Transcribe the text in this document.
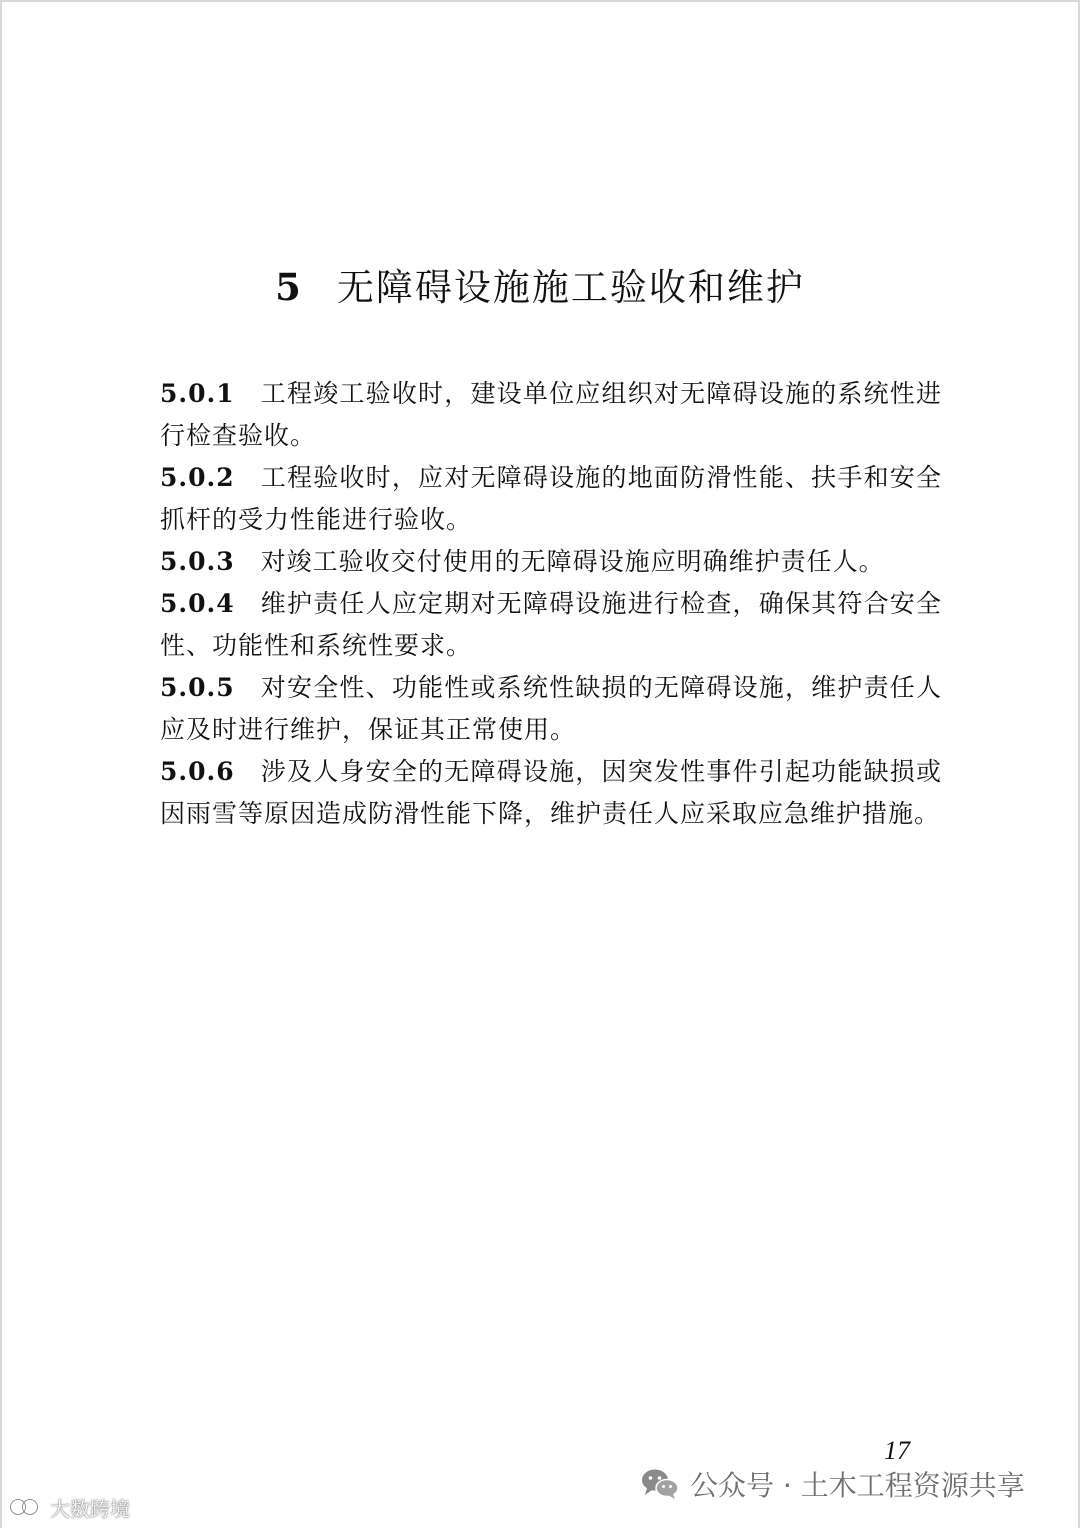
5 无障碍设施施工验收和维护

5.0.1 工程竣工验收时，建设单位应组织对无障碍设施的系统性进行检查验收。

5.0.2 工程验收时，应对无障碍设施的地面防滑性能、扶手和安全抓杆的受力性能进行验收。

5.0.3 对竣工验收交付使用的无障碍设施应明确维护责任人。

5.0.4 维护责任人应定期对无障碍设施进行检查，确保其符合安全性、功能性和系统性要求。

5.0.5 对安全性、功能性或系统性缺损的无障碍设施，维护责任人应及时进行维护，保证其正常使用。

5.0.6 涉及人身安全的无障碍设施，因突发性事件引起功能缺损或因雨雪等原因造成防滑性能下降，维护责任人应采取应急维护措施。

17
大数跨境
公众号 · 土木工程资源共享
